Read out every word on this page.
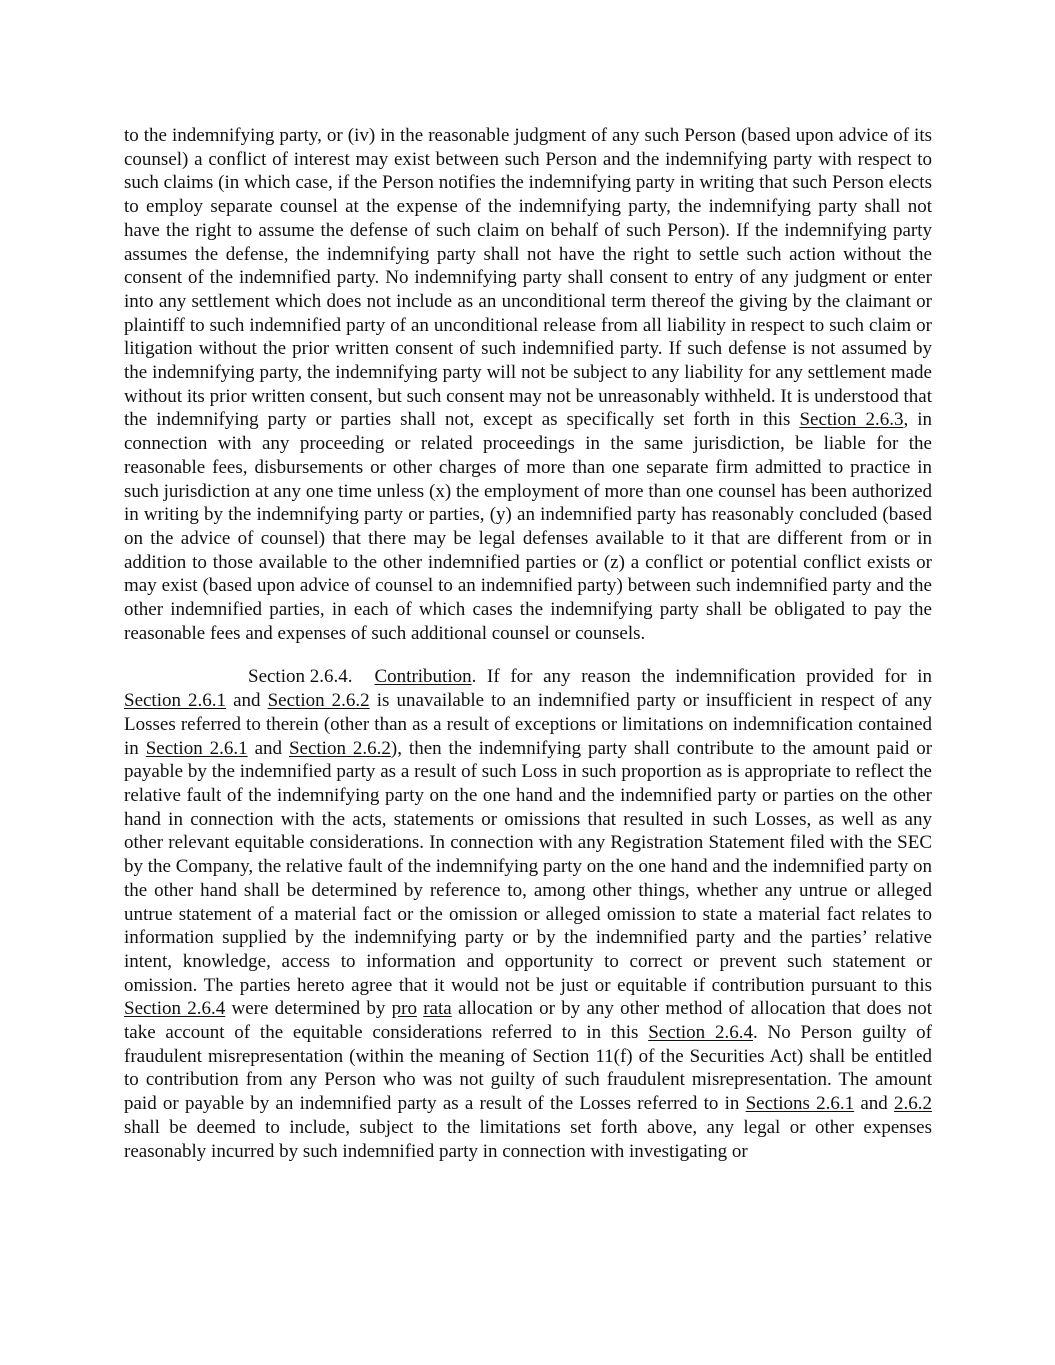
to the indemnifying party, or (iv) in the reasonable judgment of any such Person (based upon advice of its counsel) a conflict of interest may exist between such Person and the indemnifying party with respect to such claims (in which case, if the Person notifies the indemnifying party in writing that such Person elects to employ separate counsel at the expense of the indemnifying party, the indemnifying party shall not have the right to assume the defense of such claim on behalf of such Person). If the indemnifying party assumes the defense, the indemnifying party shall not have the right to settle such action without the consent of the indemnified party. No indemnifying party shall consent to entry of any judgment or enter into any settlement which does not include as an unconditional term thereof the giving by the claimant or plaintiff to such indemnified party of an unconditional release from all liability in respect to such claim or litigation without the prior written consent of such indemnified party. If such defense is not assumed by the indemnifying party, the indemnifying party will not be subject to any liability for any settlement made without its prior written consent, but such consent may not be unreasonably withheld. It is understood that the indemnifying party or parties shall not, except as specifically set forth in this Section 2.6.3, in connection with any proceeding or related proceedings in the same jurisdiction, be liable for the reasonable fees, disbursements or other charges of more than one separate firm admitted to practice in such jurisdiction at any one time unless (x) the employment of more than one counsel has been authorized in writing by the indemnifying party or parties, (y) an indemnified party has reasonably concluded (based on the advice of counsel) that there may be legal defenses available to it that are different from or in addition to those available to the other indemnified parties or (z) a conflict or potential conflict exists or may exist (based upon advice of counsel to an indemnified party) between such indemnified party and the other indemnified parties, in each of which cases the indemnifying party shall be obligated to pay the reasonable fees and expenses of such additional counsel or counsels.

Section 2.6.4. Contribution. If for any reason the indemnification provided for in Section 2.6.1 and Section 2.6.2 is unavailable to an indemnified party or insufficient in respect of any Losses referred to therein (other than as a result of exceptions or limitations on indemnification contained in Section 2.6.1 and Section 2.6.2), then the indemnifying party shall contribute to the amount paid or payable by the indemnified party as a result of such Loss in such proportion as is appropriate to reflect the relative fault of the indemnifying party on the one hand and the indemnified party or parties on the other hand in connection with the acts, statements or omissions that resulted in such Losses, as well as any other relevant equitable considerations. In connection with any Registration Statement filed with the SEC by the Company, the relative fault of the indemnifying party on the one hand and the indemnified party on the other hand shall be determined by reference to, among other things, whether any untrue or alleged untrue statement of a material fact or the omission or alleged omission to state a material fact relates to information supplied by the indemnifying party or by the indemnified party and the parties’ relative intent, knowledge, access to information and opportunity to correct or prevent such statement or omission. The parties hereto agree that it would not be just or equitable if contribution pursuant to this Section 2.6.4 were determined by pro rata allocation or by any other method of allocation that does not take account of the equitable considerations referred to in this Section 2.6.4. No Person guilty of fraudulent misrepresentation (within the meaning of Section 11(f) of the Securities Act) shall be entitled to contribution from any Person who was not guilty of such fraudulent misrepresentation. The amount paid or payable by an indemnified party as a result of the Losses referred to in Sections 2.6.1 and 2.6.2 shall be deemed to include, subject to the limitations set forth above, any legal or other expenses reasonably incurred by such indemnified party in connection with investigating or
